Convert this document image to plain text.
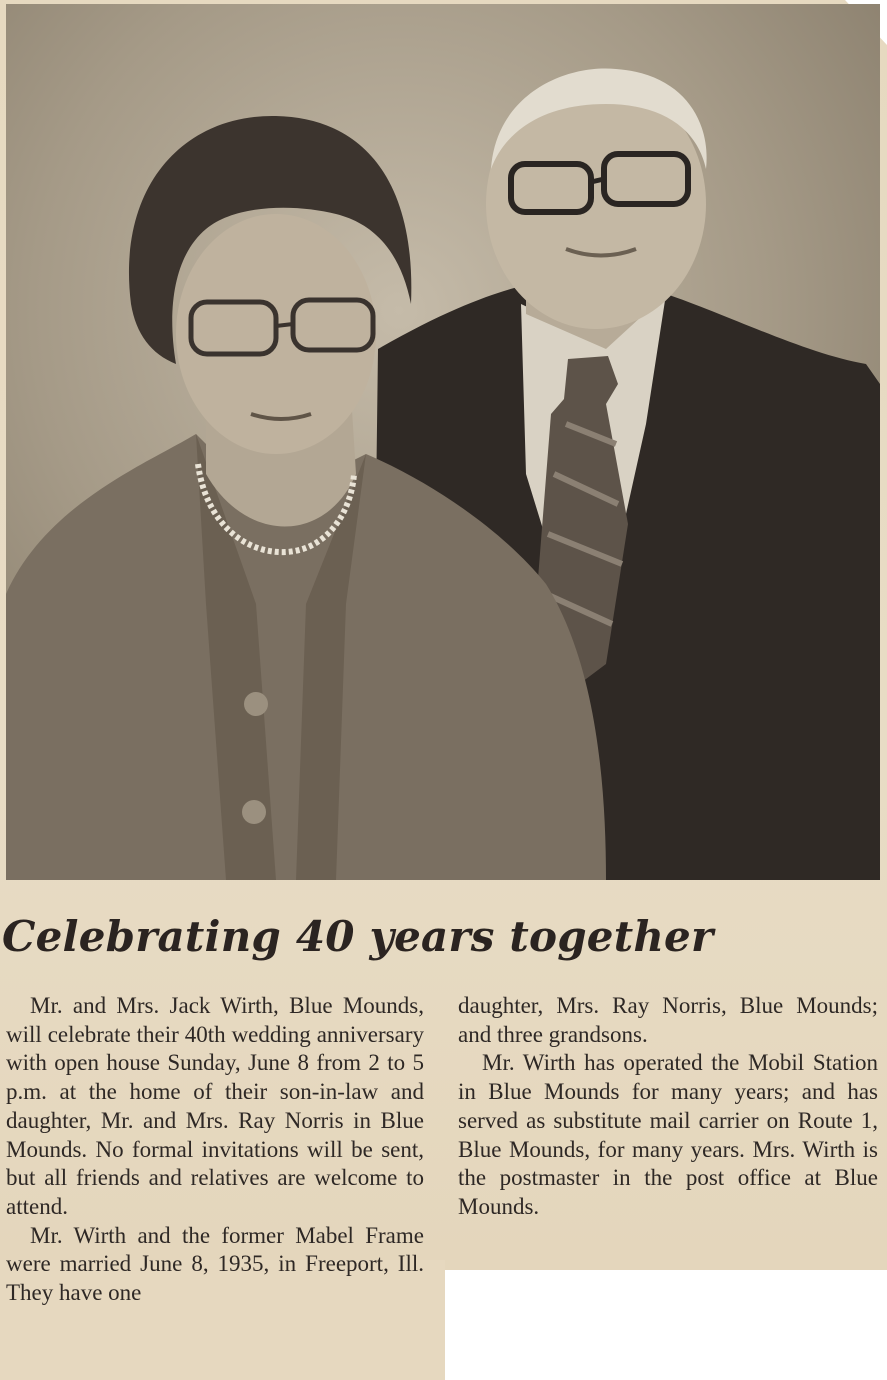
Celebrating 40 years together

Mr. and Mrs. Jack Wirth, Blue Mounds, will celebrate their 40th wedding anniversary with open house Sunday, June 8 from 2 to 5 p.m. at the home of their son-in-law and daughter, Mr. and Mrs. Ray Norris in Blue Mounds. No formal invitations will be sent, but all friends and relatives are welcome to attend.

Mr. Wirth and the former Mabel Frame were married June 8, 1935, in Freeport, Ill. They have one

daughter, Mrs. Ray Norris, Blue Mounds; and three grandsons.

Mr. Wirth has operated the Mobil Station in Blue Mounds for many years; and has served as substitute mail carrier on Route 1, Blue Mounds, for many years. Mrs. Wirth is the postmaster in the post office at Blue Mounds.
